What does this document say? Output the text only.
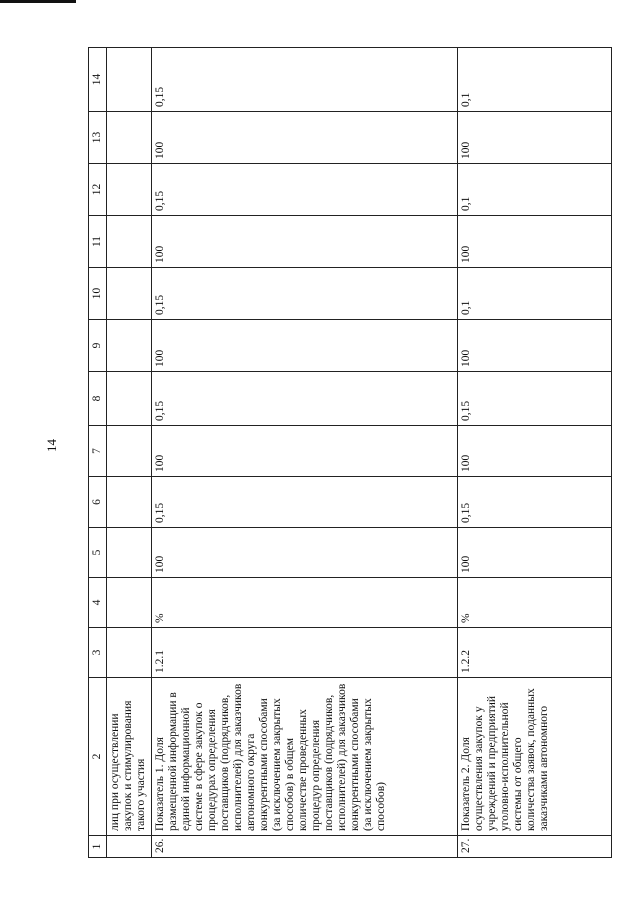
14
1	2	3	4	5	6	7	8	9	10	11	12	13	14
	лиц при осуществлении закупок и стимулирования такого участия												
26.	Показатель 1. Доля размещенной информации в единой информационной системе в сфере закупок о процедурах определения поставщиков (подрядчиков, исполнителей) для заказчиков автономного округа конкурентными способами (за исключением закрытых способов) в общем количестве проведенных процедур определения поставщиков (подрядчиков, исполнителей) для заказчиков конкурентными способами (за исключением закрытых способов)	1.2.1	%	100	0,15	100	0,15	100	0,15	100	0,15	100	0,15
27.	Показатель 2. Доля осуществления закупок у учреждений и предприятий уголовно-исполнительной системы от общего количества заявок, поданных заказчиками автономного	1.2.2	%	100	0,15	100	0,15	100	0,1	100	0,1	100	0,1
